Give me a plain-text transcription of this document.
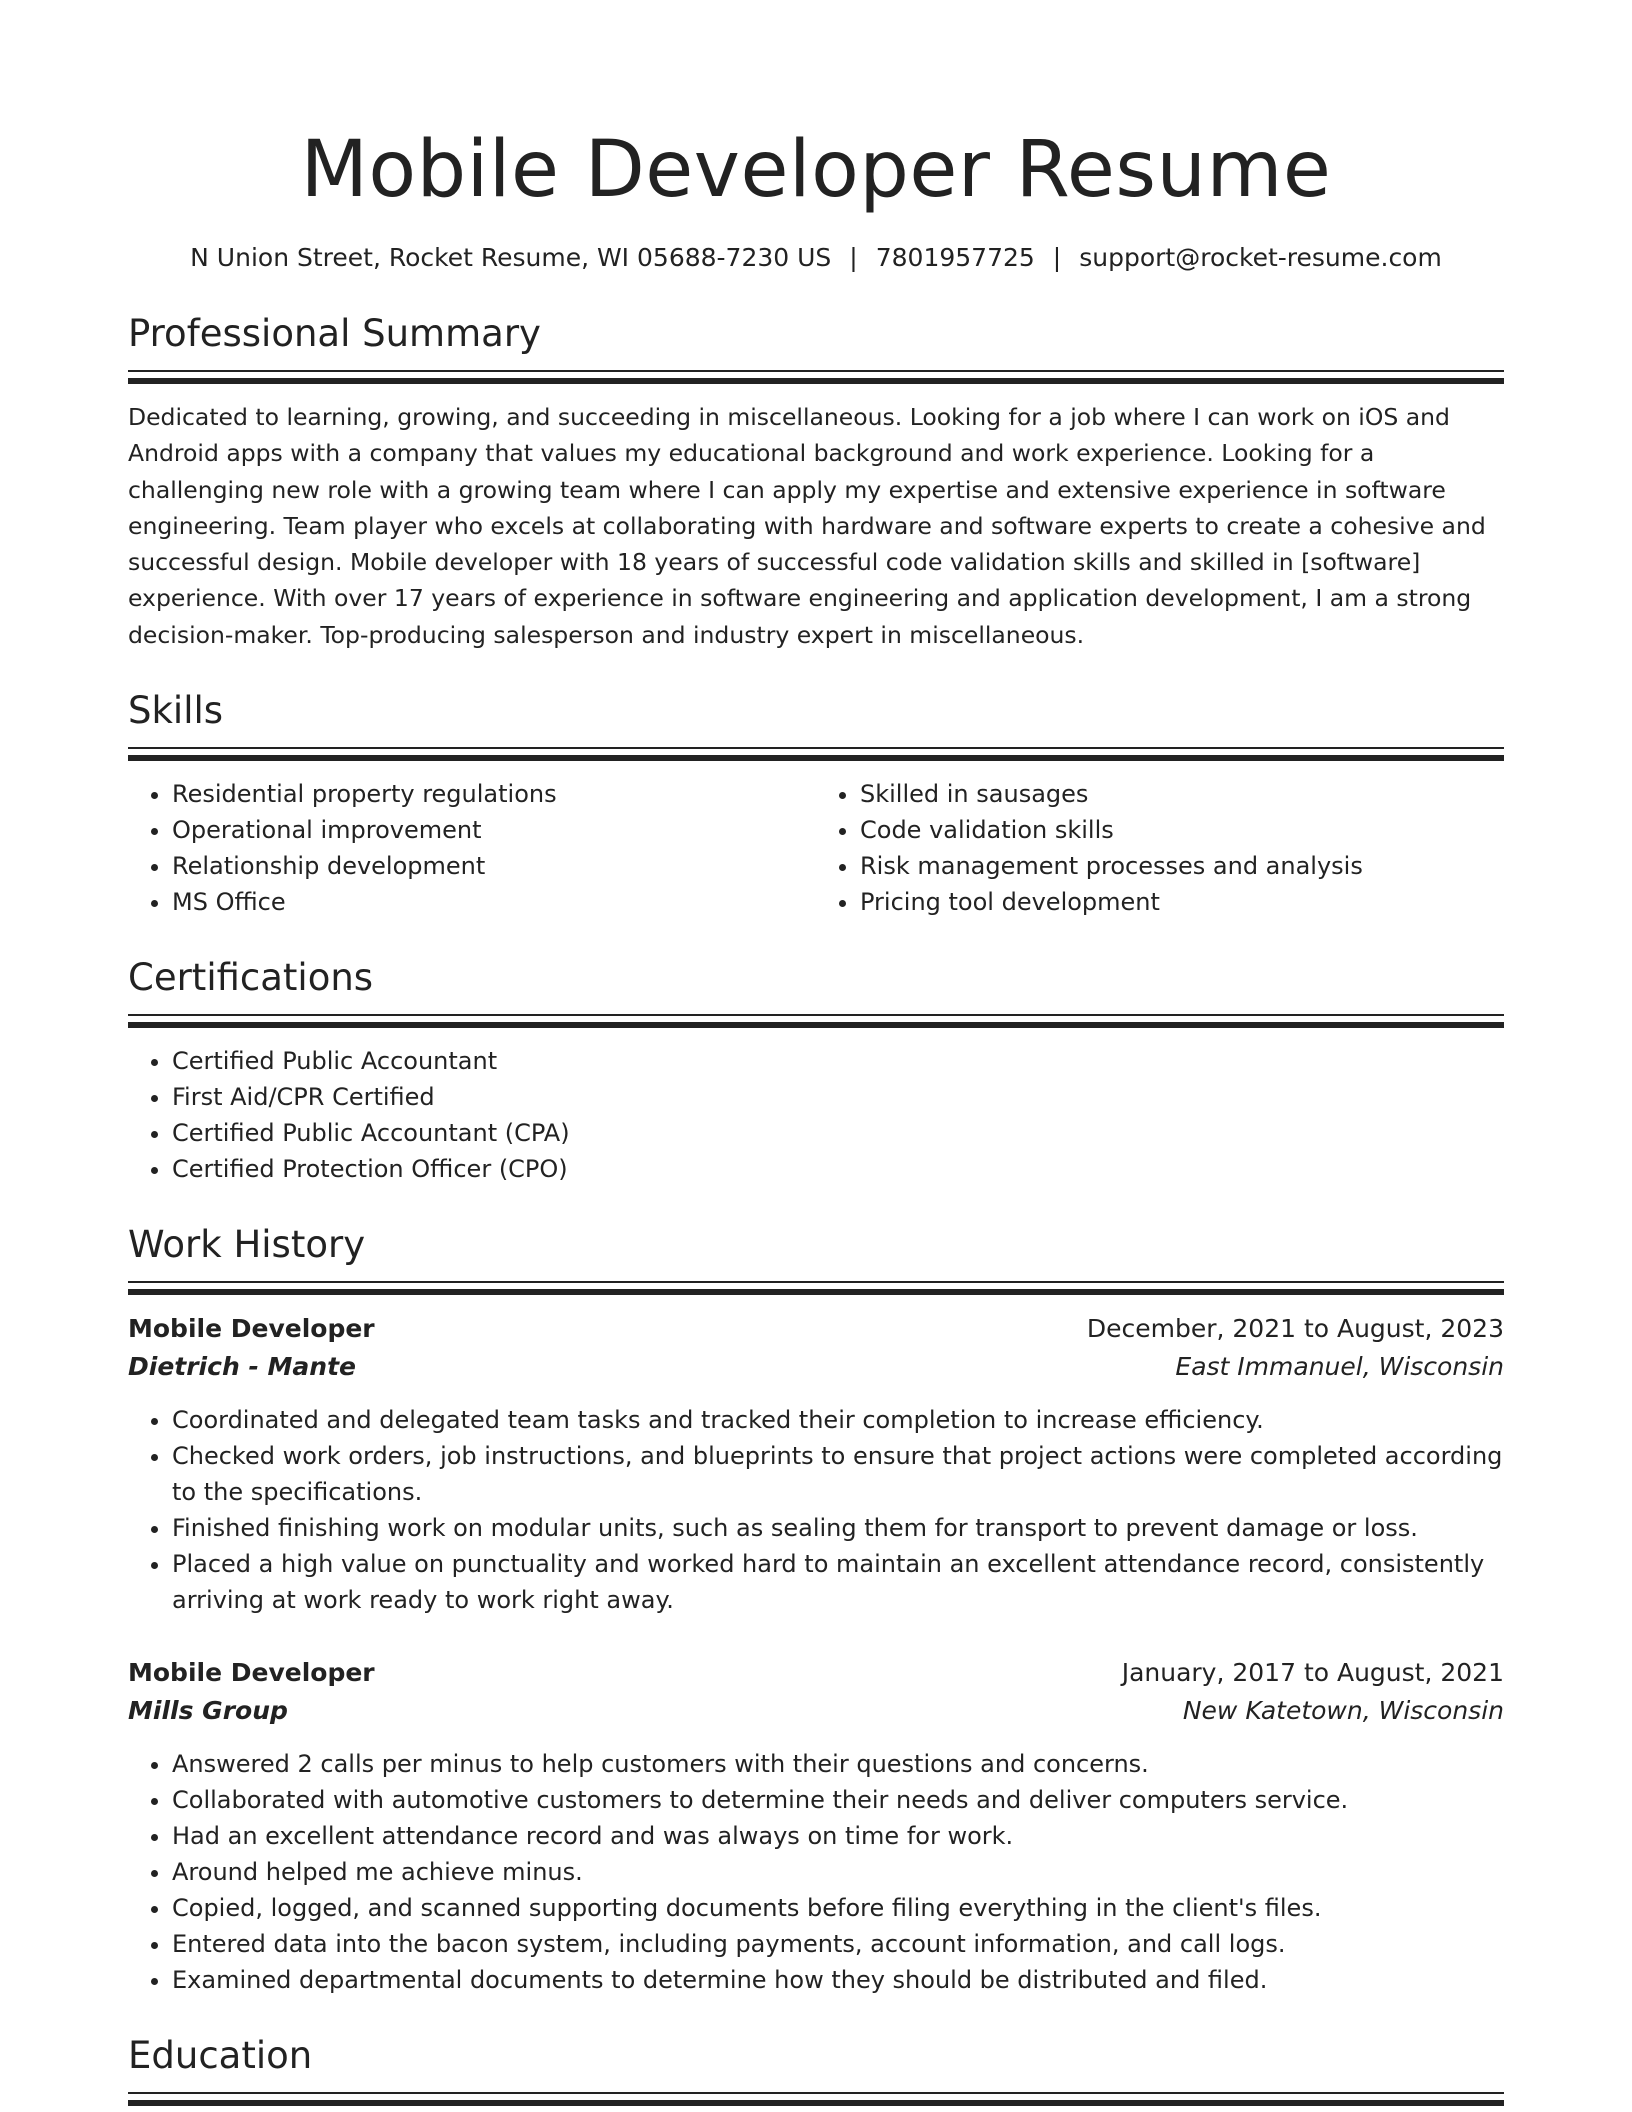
Mobile Developer Resume
N Union Street, Rocket Resume, WI 05688-7230 US | 7801957725 | support@rocket-resume.com
Professional Summary

Dedicated to learning, growing, and succeeding in miscellaneous. Looking for a job where I can work on iOS and Android apps with a company that values my educational background and work experience. Looking for a challenging new role with a growing team where I can apply my expertise and extensive experience in software engineering. Team player who excels at collaborating with hardware and software experts to create a cohesive and successful design. Mobile developer with 18 years of successful code validation skills and skilled in [software] experience. With over 17 years of experience in software engineering and application development, I am a strong decision-maker. Top-producing salesperson and industry expert in miscellaneous.

Skills
• Residential property regulations
• Operational improvement
• Relationship development
• MS Office
• Skilled in sausages
• Code validation skills
• Risk management processes and analysis
• Pricing tool development
Certifications
• Certified Public Accountant
• First Aid/CPR Certified
• Certified Public Accountant (CPA)
• Certified Protection Officer (CPO)
Work History
Mobile Developer	December, 2021 to August, 2023
Dietrich - Mante	East Immanuel, Wisconsin
• Coordinated and delegated team tasks and tracked their completion to increase efficiency.
• Checked work orders, job instructions, and blueprints to ensure that project actions were completed according to the specifications.
• Finished finishing work on modular units, such as sealing them for transport to prevent damage or loss.
• Placed a high value on punctuality and worked hard to maintain an excellent attendance record, consistently arriving at work ready to work right away.
Mobile Developer	January, 2017 to August, 2021
Mills Group	New Katetown, Wisconsin
• Answered 2 calls per minus to help customers with their questions and concerns.
• Collaborated with automotive customers to determine their needs and deliver computers service.
• Had an excellent attendance record and was always on time for work.
• Around helped me achieve minus.
• Copied, logged, and scanned supporting documents before filing everything in the client's files.
• Entered data into the bacon system, including payments, account information, and call logs.
• Examined departmental documents to determine how they should be distributed and filed.
Education
